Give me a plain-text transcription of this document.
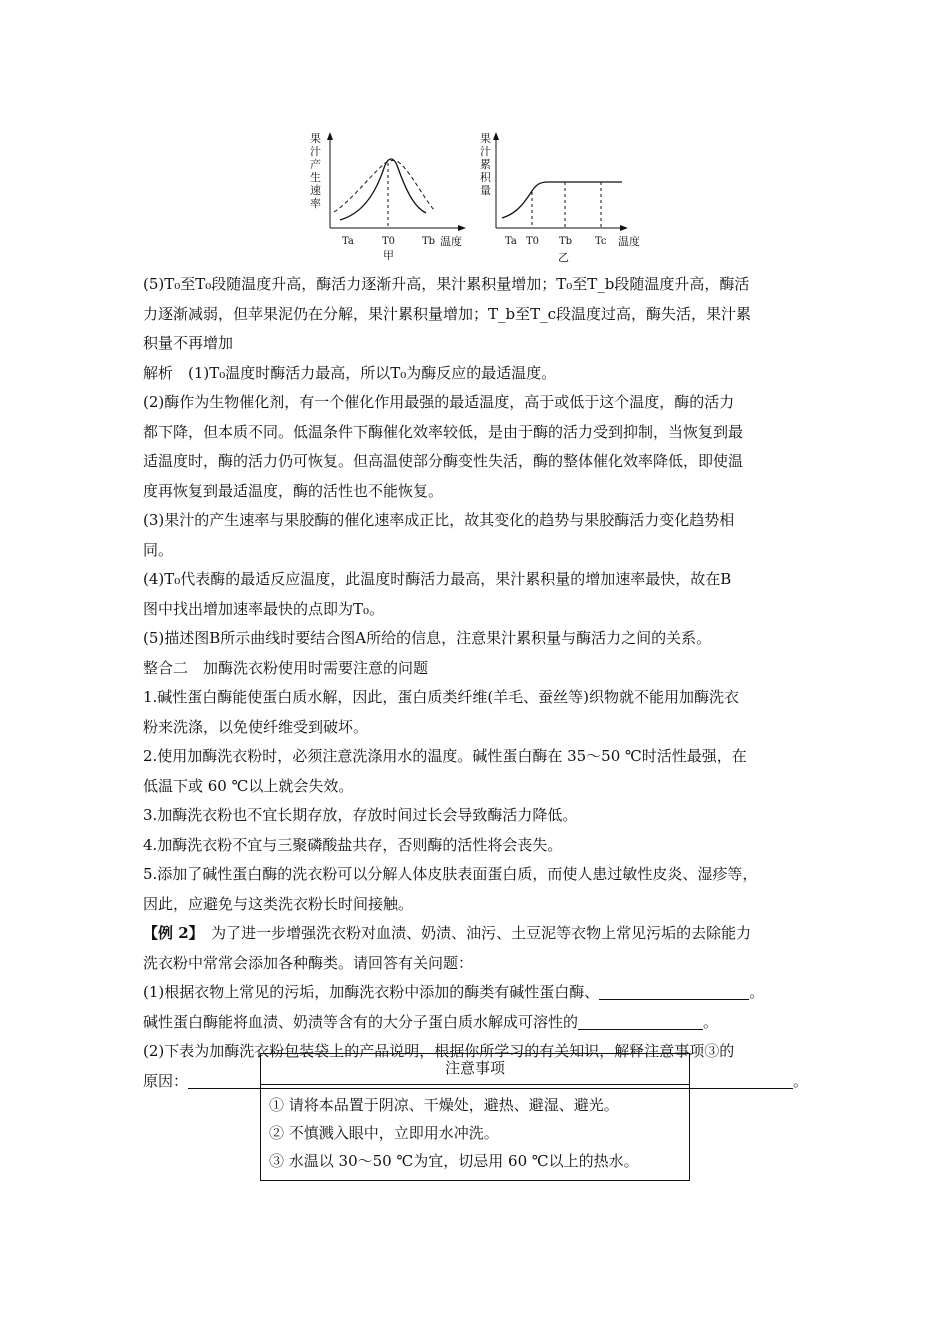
果
汁
产
生
速
率
Ta	T0	Tb 温度
甲
果
汁
累
积
量
Ta T0 Tb Tc 温度
乙
(5)T₀至T₀段随温度升高，酶活力逐渐升高，果汁累积量增加；T₀至T_b段随温度升高，酶活
力逐渐减弱，但苹果泥仍在分解，果汁累积量增加；T_b至T_c段温度过高，酶失活，果汁累
积量不再增加
解析　(1)T₀温度时酶活力最高，所以T₀为酶反应的最适温度。
(2)酶作为生物催化剂，有一个催化作用最强的最适温度，高于或低于这个温度，酶的活力
都下降，但本质不同。低温条件下酶催化效率较低，是由于酶的活力受到抑制，当恢复到最
适温度时，酶的活力仍可恢复。但高温使部分酶变性失活，酶的整体催化效率降低，即使温
度再恢复到最适温度，酶的活性也不能恢复。
(3)果汁的产生速率与果胶酶的催化速率成正比，故其变化的趋势与果胶酶活力变化趋势相
同。
(4)T₀代表酶的最适反应温度，此温度时酶活力最高，果汁累积量的增加速率最快，故在B
图中找出增加速率最快的点即为T₀。
(5)描述图B所示曲线时要结合图A所给的信息，注意果汁累积量与酶活力之间的关系。
整合二　加酶洗衣粉使用时需要注意的问题
1.碱性蛋白酶能使蛋白质水解，因此，蛋白质类纤维(羊毛、蚕丝等)织物就不能用加酶洗衣
粉来洗涤，以免使纤维受到破坏。
2.使用加酶洗衣粉时，必须注意洗涤用水的温度。碱性蛋白酶在 35～50 ℃时活性最强，在
低温下或 60 ℃以上就会失效。
3.加酶洗衣粉也不宜长期存放，存放时间过长会导致酶活力降低。
4.加酶洗衣粉不宜与三聚磷酸盐共存，否则酶的活性将会丧失。
5.添加了碱性蛋白酶的洗衣粉可以分解人体皮肤表面蛋白质，而使人患过敏性皮炎、湿疹等，
因此，应避免与这类洗衣粉长时间接触。
【例 2】　为了进一步增强洗衣粉对血渍、奶渍、油污、土豆泥等衣物上常见污垢的去除能力
洗衣粉中常常会添加各种酶类。请回答有关问题：
(1)根据衣物上常见的污垢，加酶洗衣粉中添加的酶类有碱性蛋白酶、	。
碱性蛋白酶能将血渍、奶渍等含有的大分子蛋白质水解成可溶性的	。
(2)下表为加酶洗衣粉包装袋上的产品说明，根据你所学习的有关知识，解释注意事项③的
原因：	。
注意事项
① 请将本品置于阴凉、干燥处，避热、避湿、避光。
② 不慎溅入眼中，立即用水冲洗。
③ 水温以 30～50 ℃为宜，切忌用 60 ℃以上的热水。
